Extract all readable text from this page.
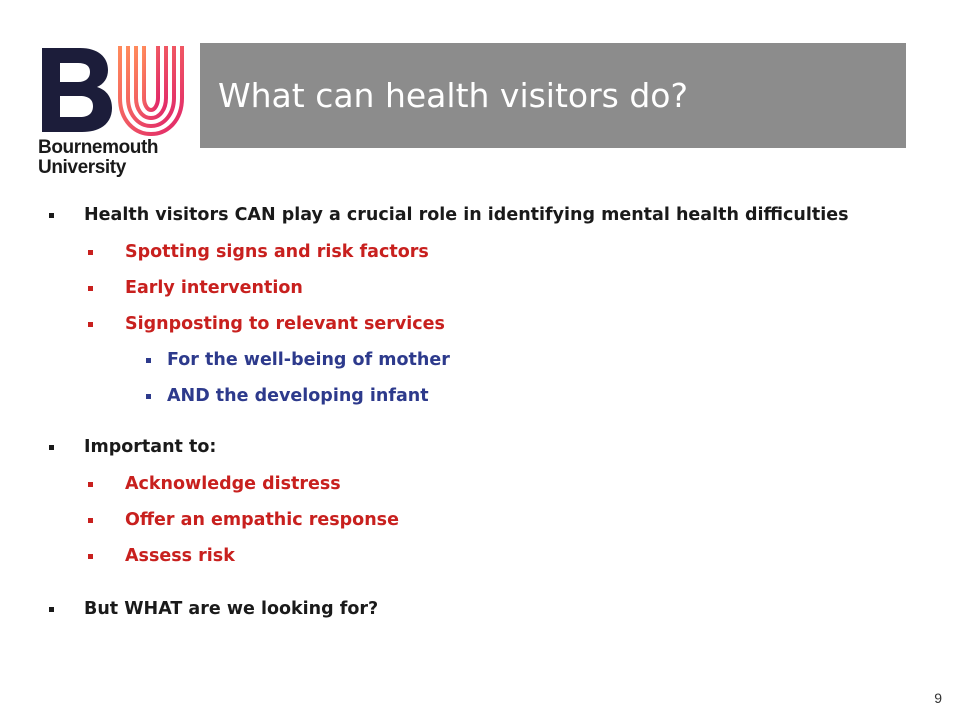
Bournemouth
University
What can health visitors do?
Health visitors CAN play a crucial role in identifying mental health difficulties
Spotting signs and risk factors
Early intervention
Signposting to relevant services
For the well-being of mother
AND the developing infant
Important to:
Acknowledge distress
Offer an empathic response
Assess risk
But WHAT are we looking for?
9
